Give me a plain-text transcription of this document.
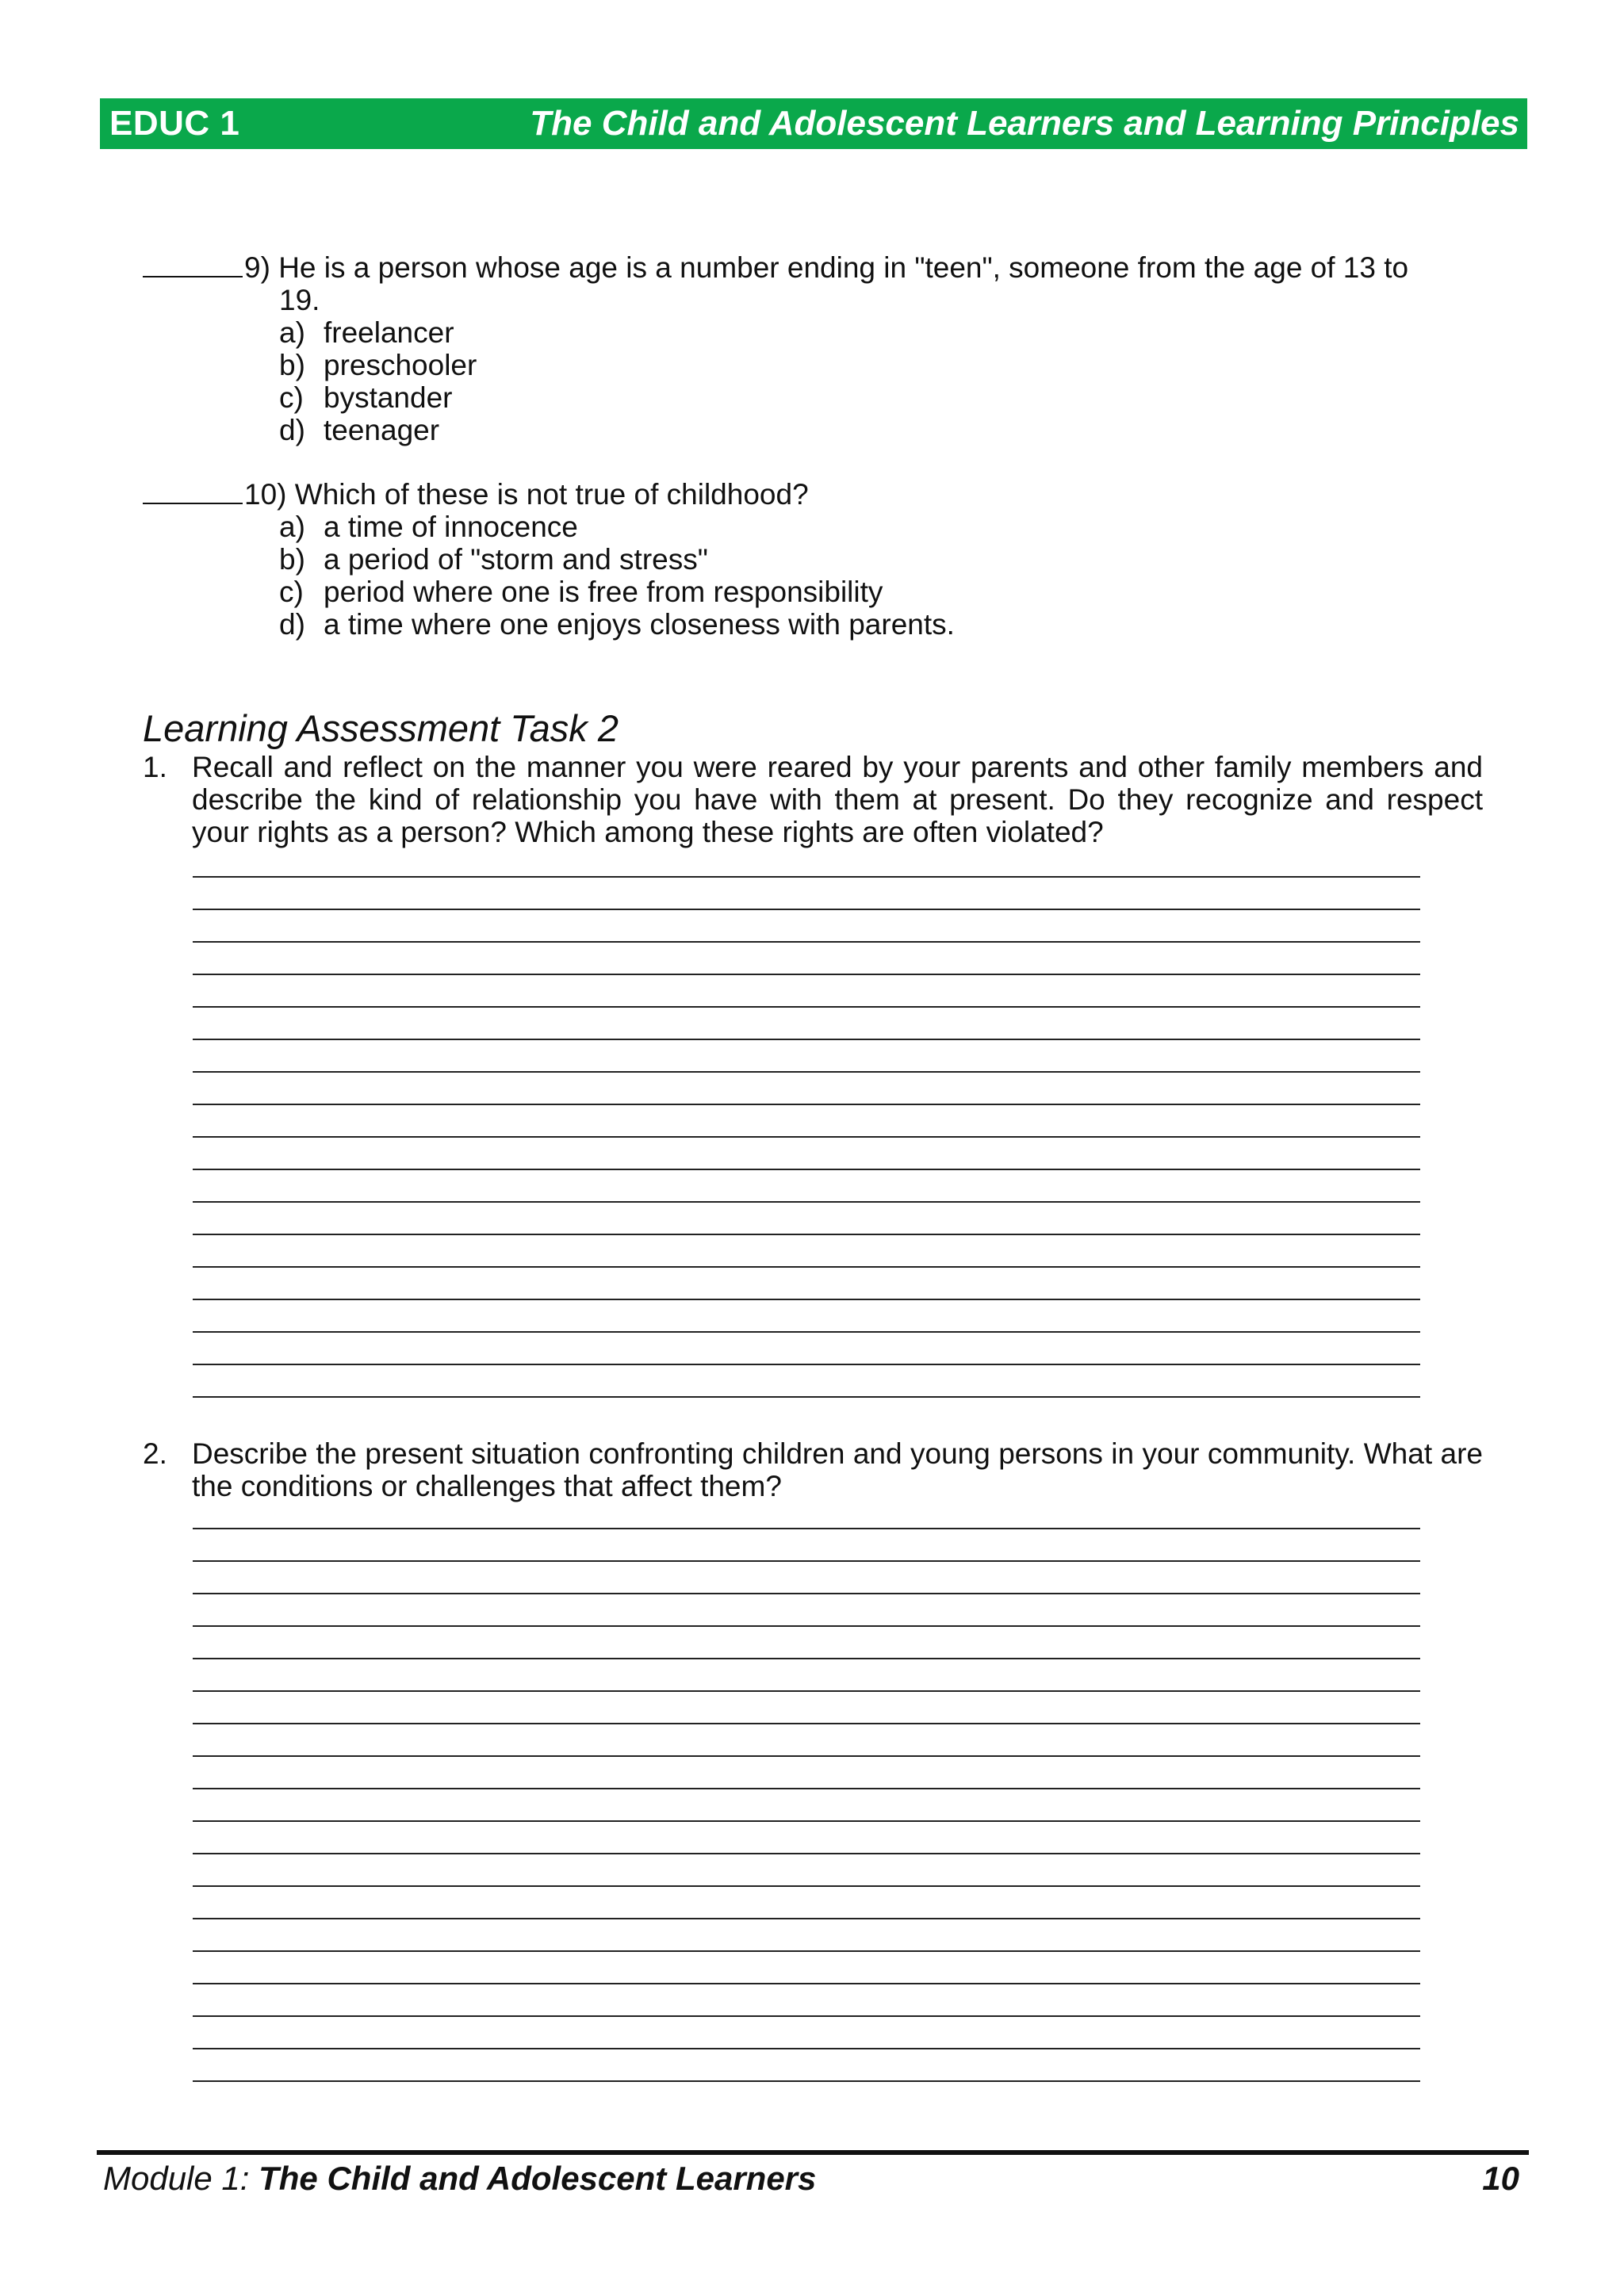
EDUC 1	The Child and Adolescent Learners and Learning Principles
9)
He is a person whose age is a number ending in "teen", someone from the age of 13 to
19.
a) freelancer
b) preschooler
c) bystander
d) teenager
10)
Which of these is not true of childhood?
a) a time of innocence
b) a period of "storm and stress"
c) period where one is free from responsibility
d) a time where one enjoys closeness with parents.
Learning Assessment Task 2
1. Recall and reflect on the manner you were reared by your parents and other family members and describe the kind of relationship you have with them at present. Do they recognize and respect your rights as a person? Which among these rights are often violated?
2. Describe the present situation confronting children and young persons in your community. What are the conditions or challenges that affect them?
Module 1: The Child and Adolescent Learners	10
